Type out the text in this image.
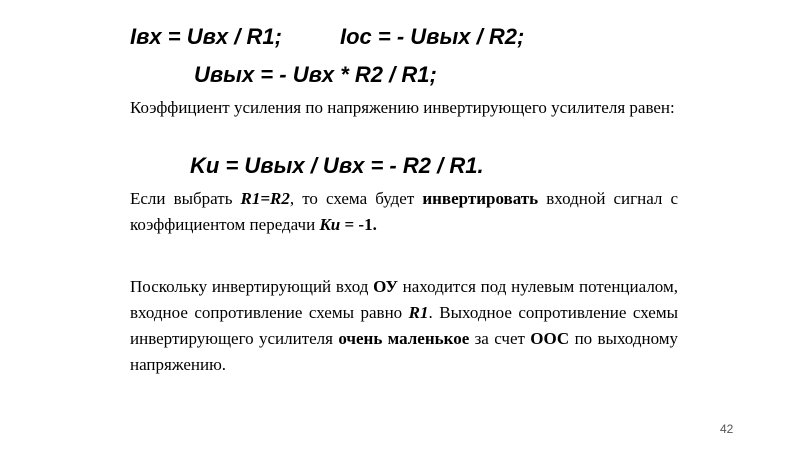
Iвх = Uвх / R1;	Iос = - Uвых / R2;
Uвых = - Uвх * R2 / R1;
Коэффициент усиления по напряжению инвертирующего усилителя равен:
Ku = Uвых / Uвх = - R2 / R1.
Если выбрать R1=R2, то схема будет инвертировать входной сигнал с коэффициентом передачи Ku = -1.
Поскольку инвертирующий вход ОУ находится под нулевым потенциалом, входное сопротивление схемы равно R1. Выходное сопротивление схемы инвертирующего усилителя очень маленькое за счет ООС по выходному напряжению.
42
